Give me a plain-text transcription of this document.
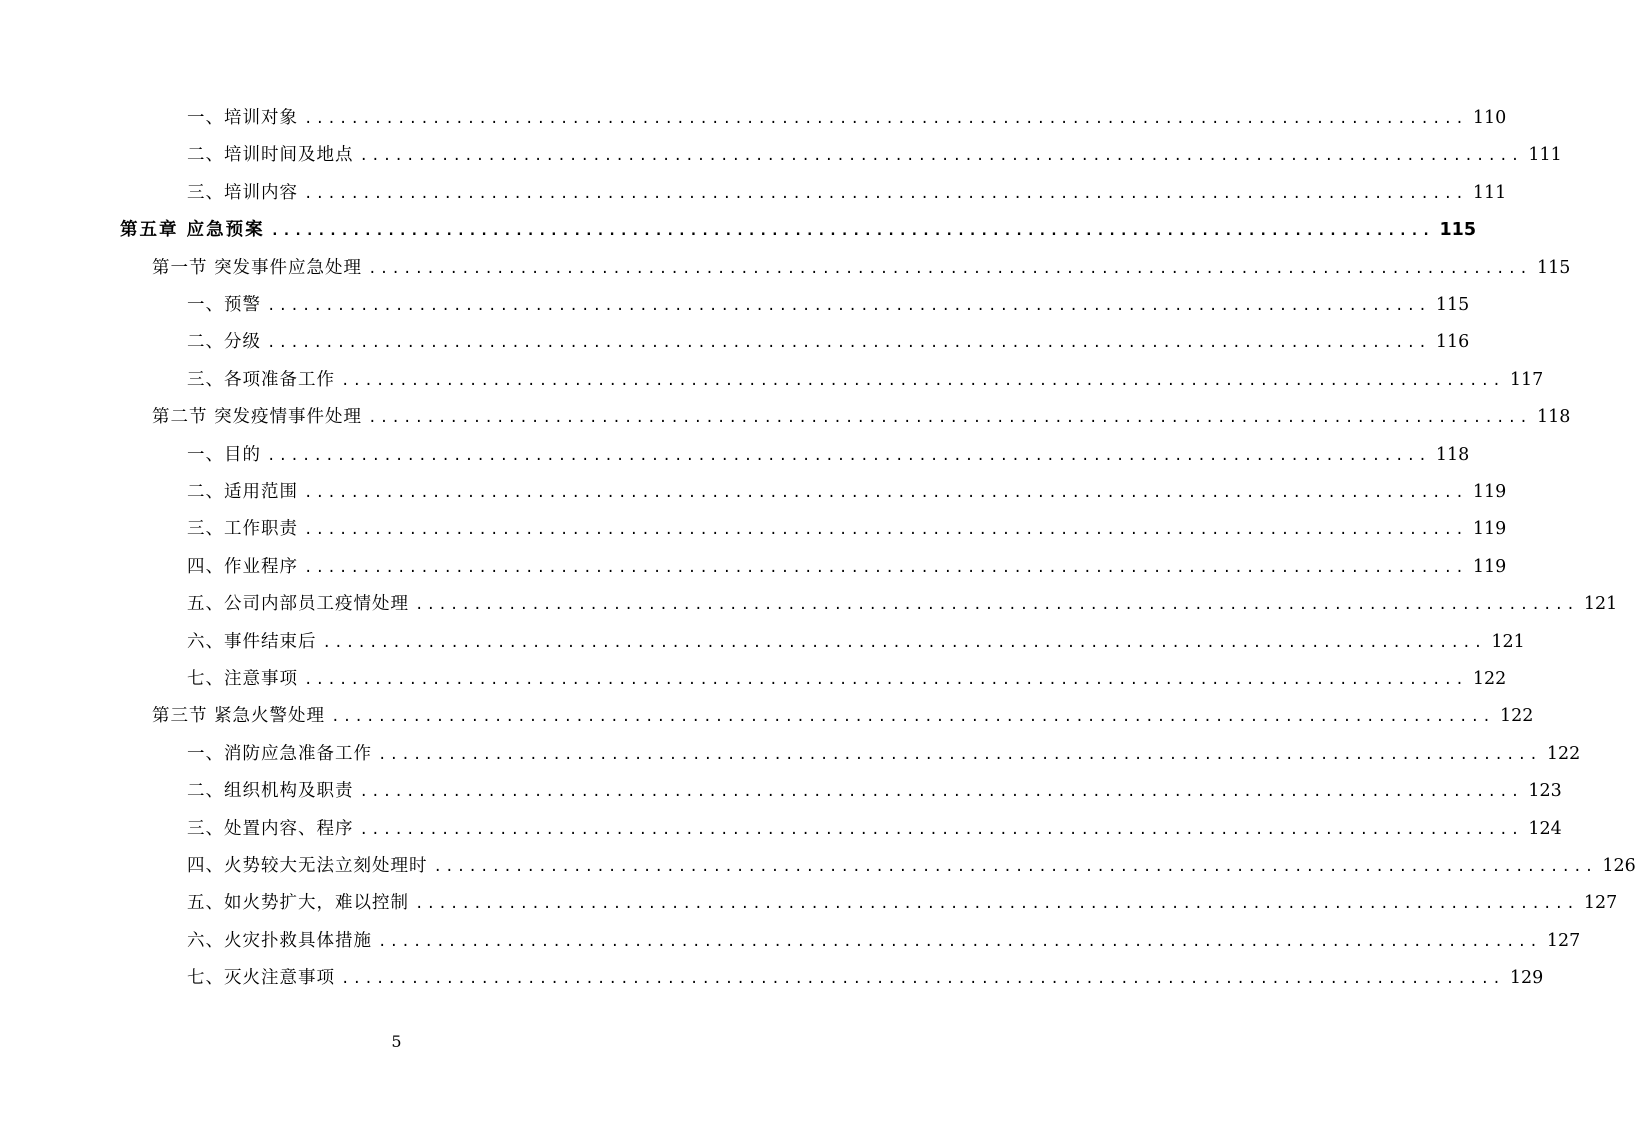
一、培训对象 .................................................................................................... 110
二、培训时间及地点 .................................................................................................... 111
三、培训内容 .................................................................................................... 111
第五章 应急预案 .................................................................................................... 115
第一节 突发事件应急处理 .................................................................................................... 115
一、预警 .................................................................................................... 115
二、分级 .................................................................................................... 116
三、各项准备工作 .................................................................................................... 117
第二节 突发疫情事件处理 .................................................................................................... 118
一、目的 .................................................................................................... 118
二、适用范围 .................................................................................................... 119
三、工作职责 .................................................................................................... 119
四、作业程序 .................................................................................................... 119
五、公司内部员工疫情处理 .................................................................................................... 121
六、事件结束后 .................................................................................................... 121
七、注意事项 .................................................................................................... 122
第三节 紧急火警处理 .................................................................................................... 122
一、消防应急准备工作 .................................................................................................... 122
二、组织机构及职责 .................................................................................................... 123
三、处置内容、程序 .................................................................................................... 124
四、火势较大无法立刻处理时 .................................................................................................... 126
五、如火势扩大，难以控制 .................................................................................................... 127
六、火灾扑救具体措施 .................................................................................................... 127
七、灭火注意事项 .................................................................................................... 129
5
